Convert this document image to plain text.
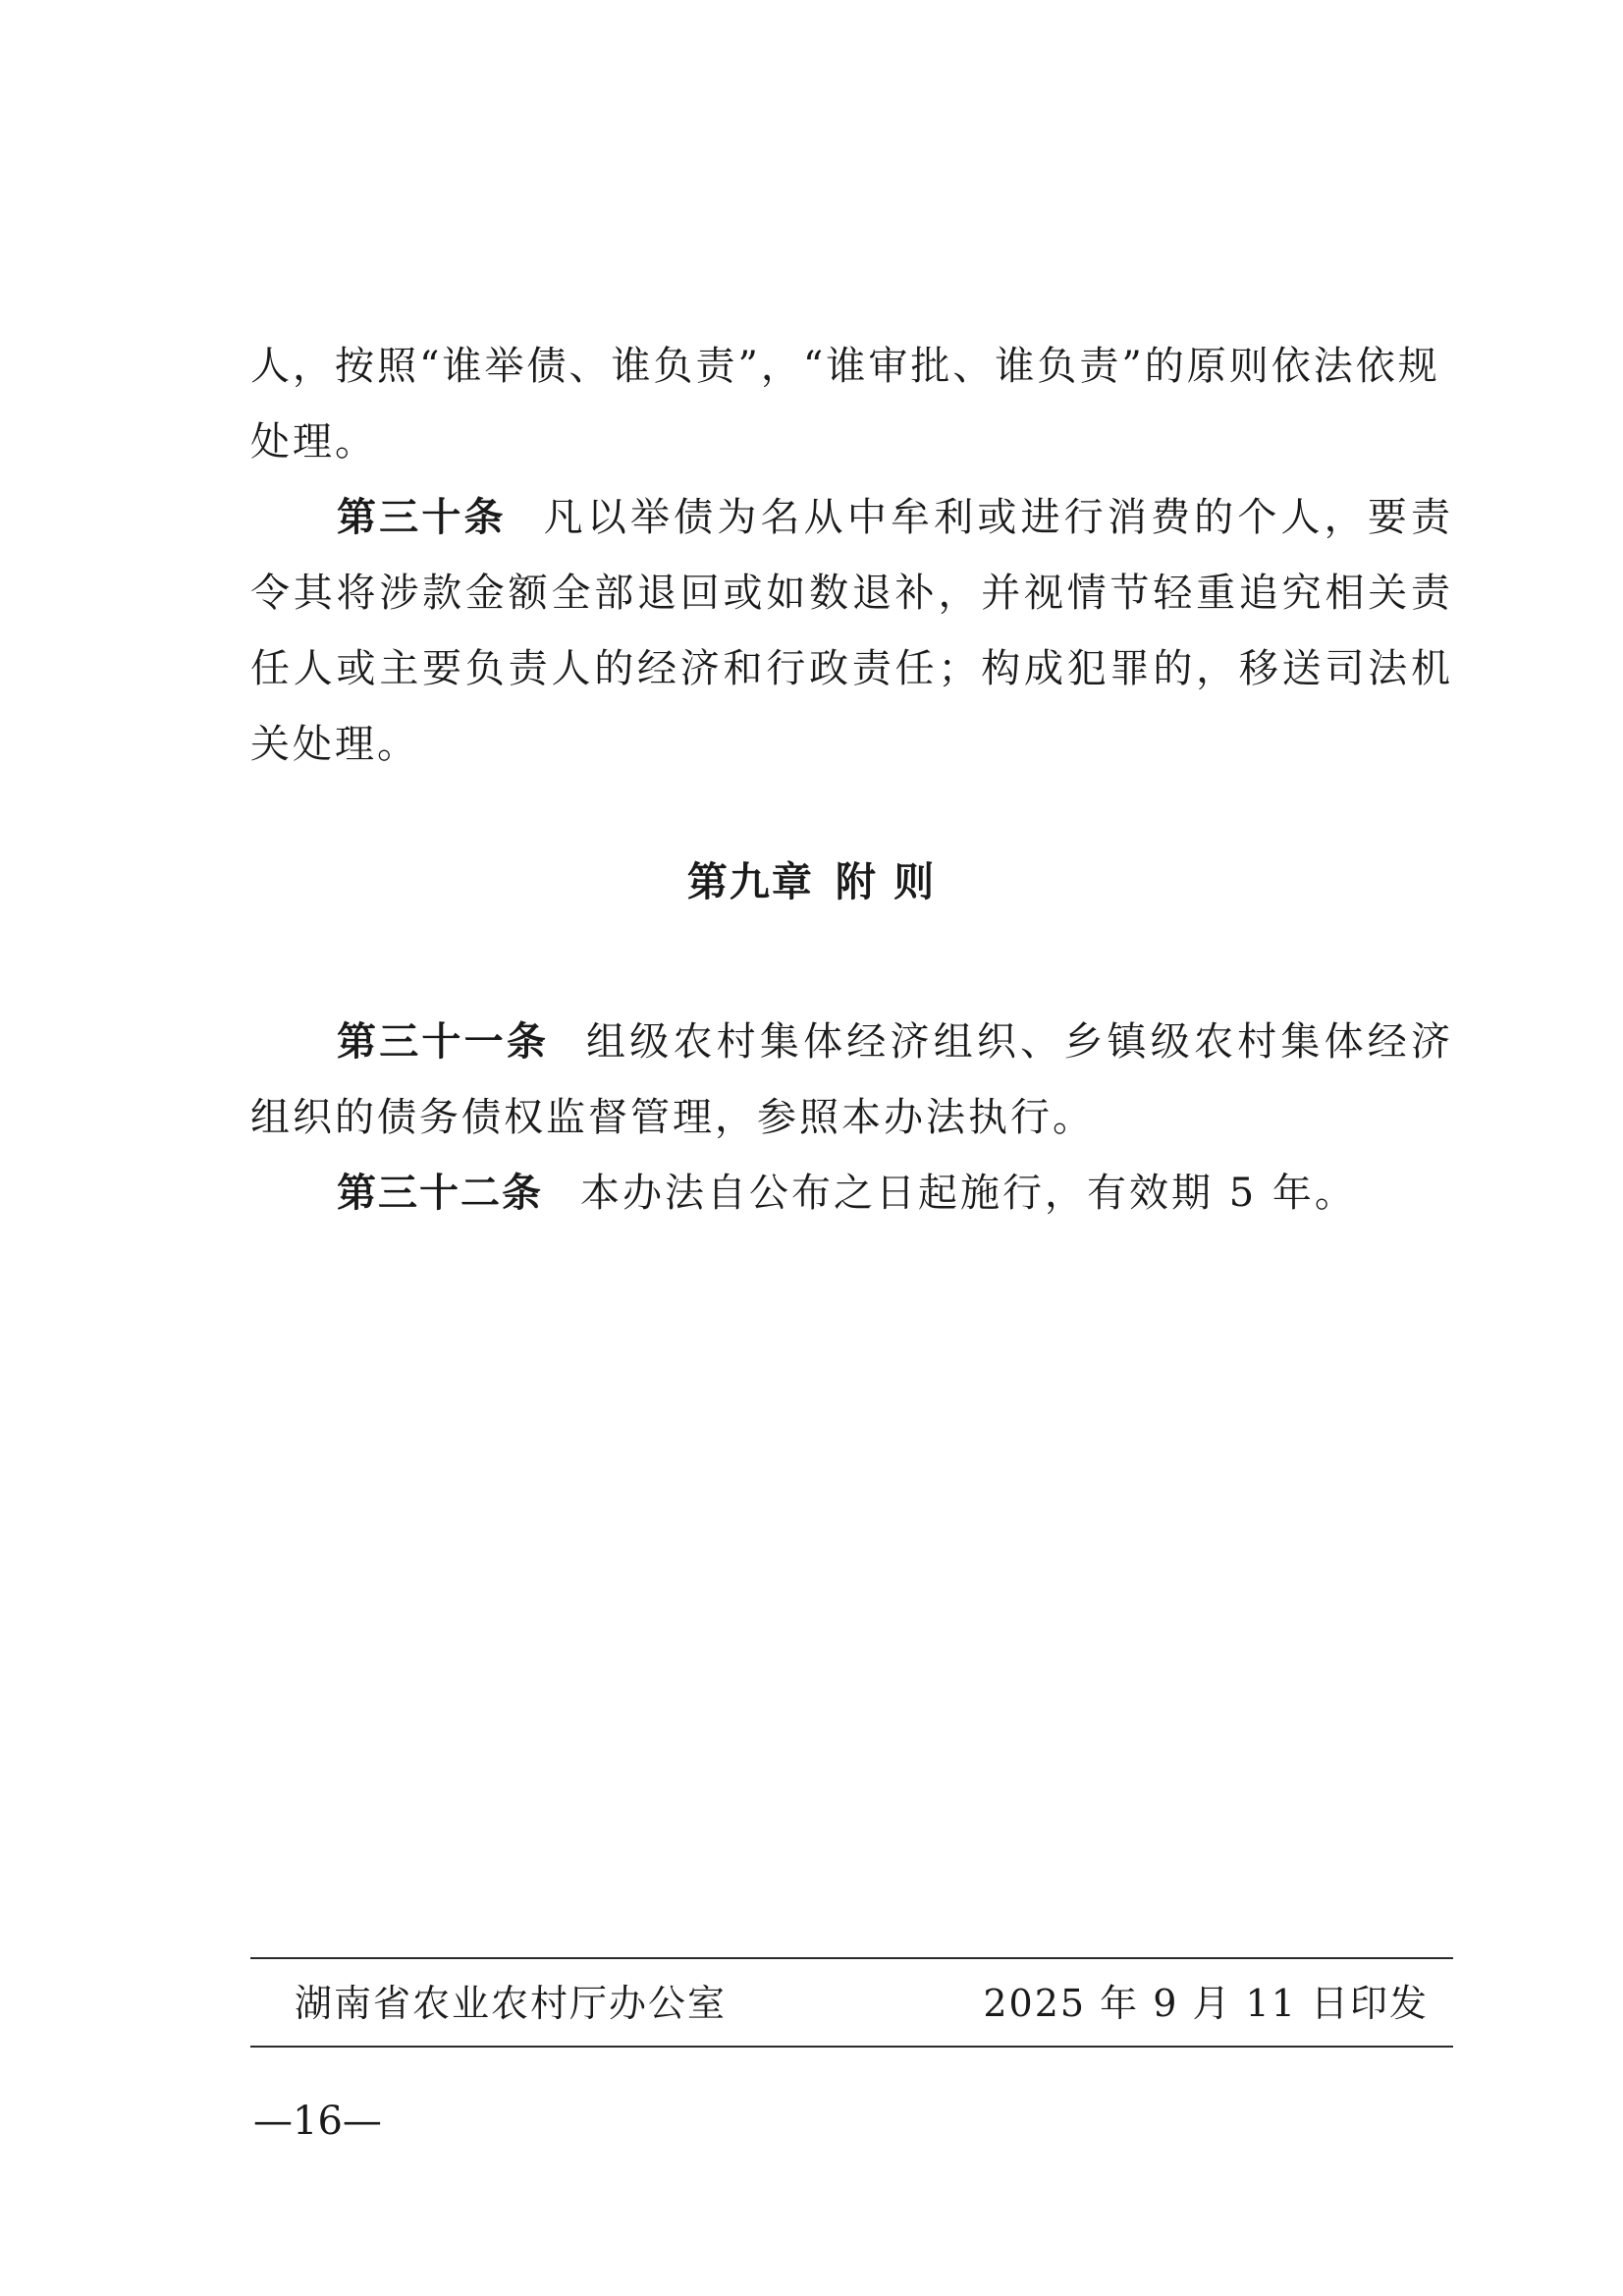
人，按照“谁举债、谁负责”，“谁审批、谁负责”的原则依法依规
处理。

第三十条 凡以举债为名从中牟利或进行消费的个人，要责令其将涉款金额全部退回或如数退补，并视情节轻重追究相关责任人或主要负责人的经济和行政责任；构成犯罪的，移送司法机关处理。

第九章 附 则

第三十一条 组级农村集体经济组织、乡镇级农村集体经济组织的债务债权监督管理，参照本办法执行。

第三十二条 本办法自公布之日起施行，有效期 5 年。

湖南省农业农村厅办公室	2025 年 9 月 11 日印发
—16—
